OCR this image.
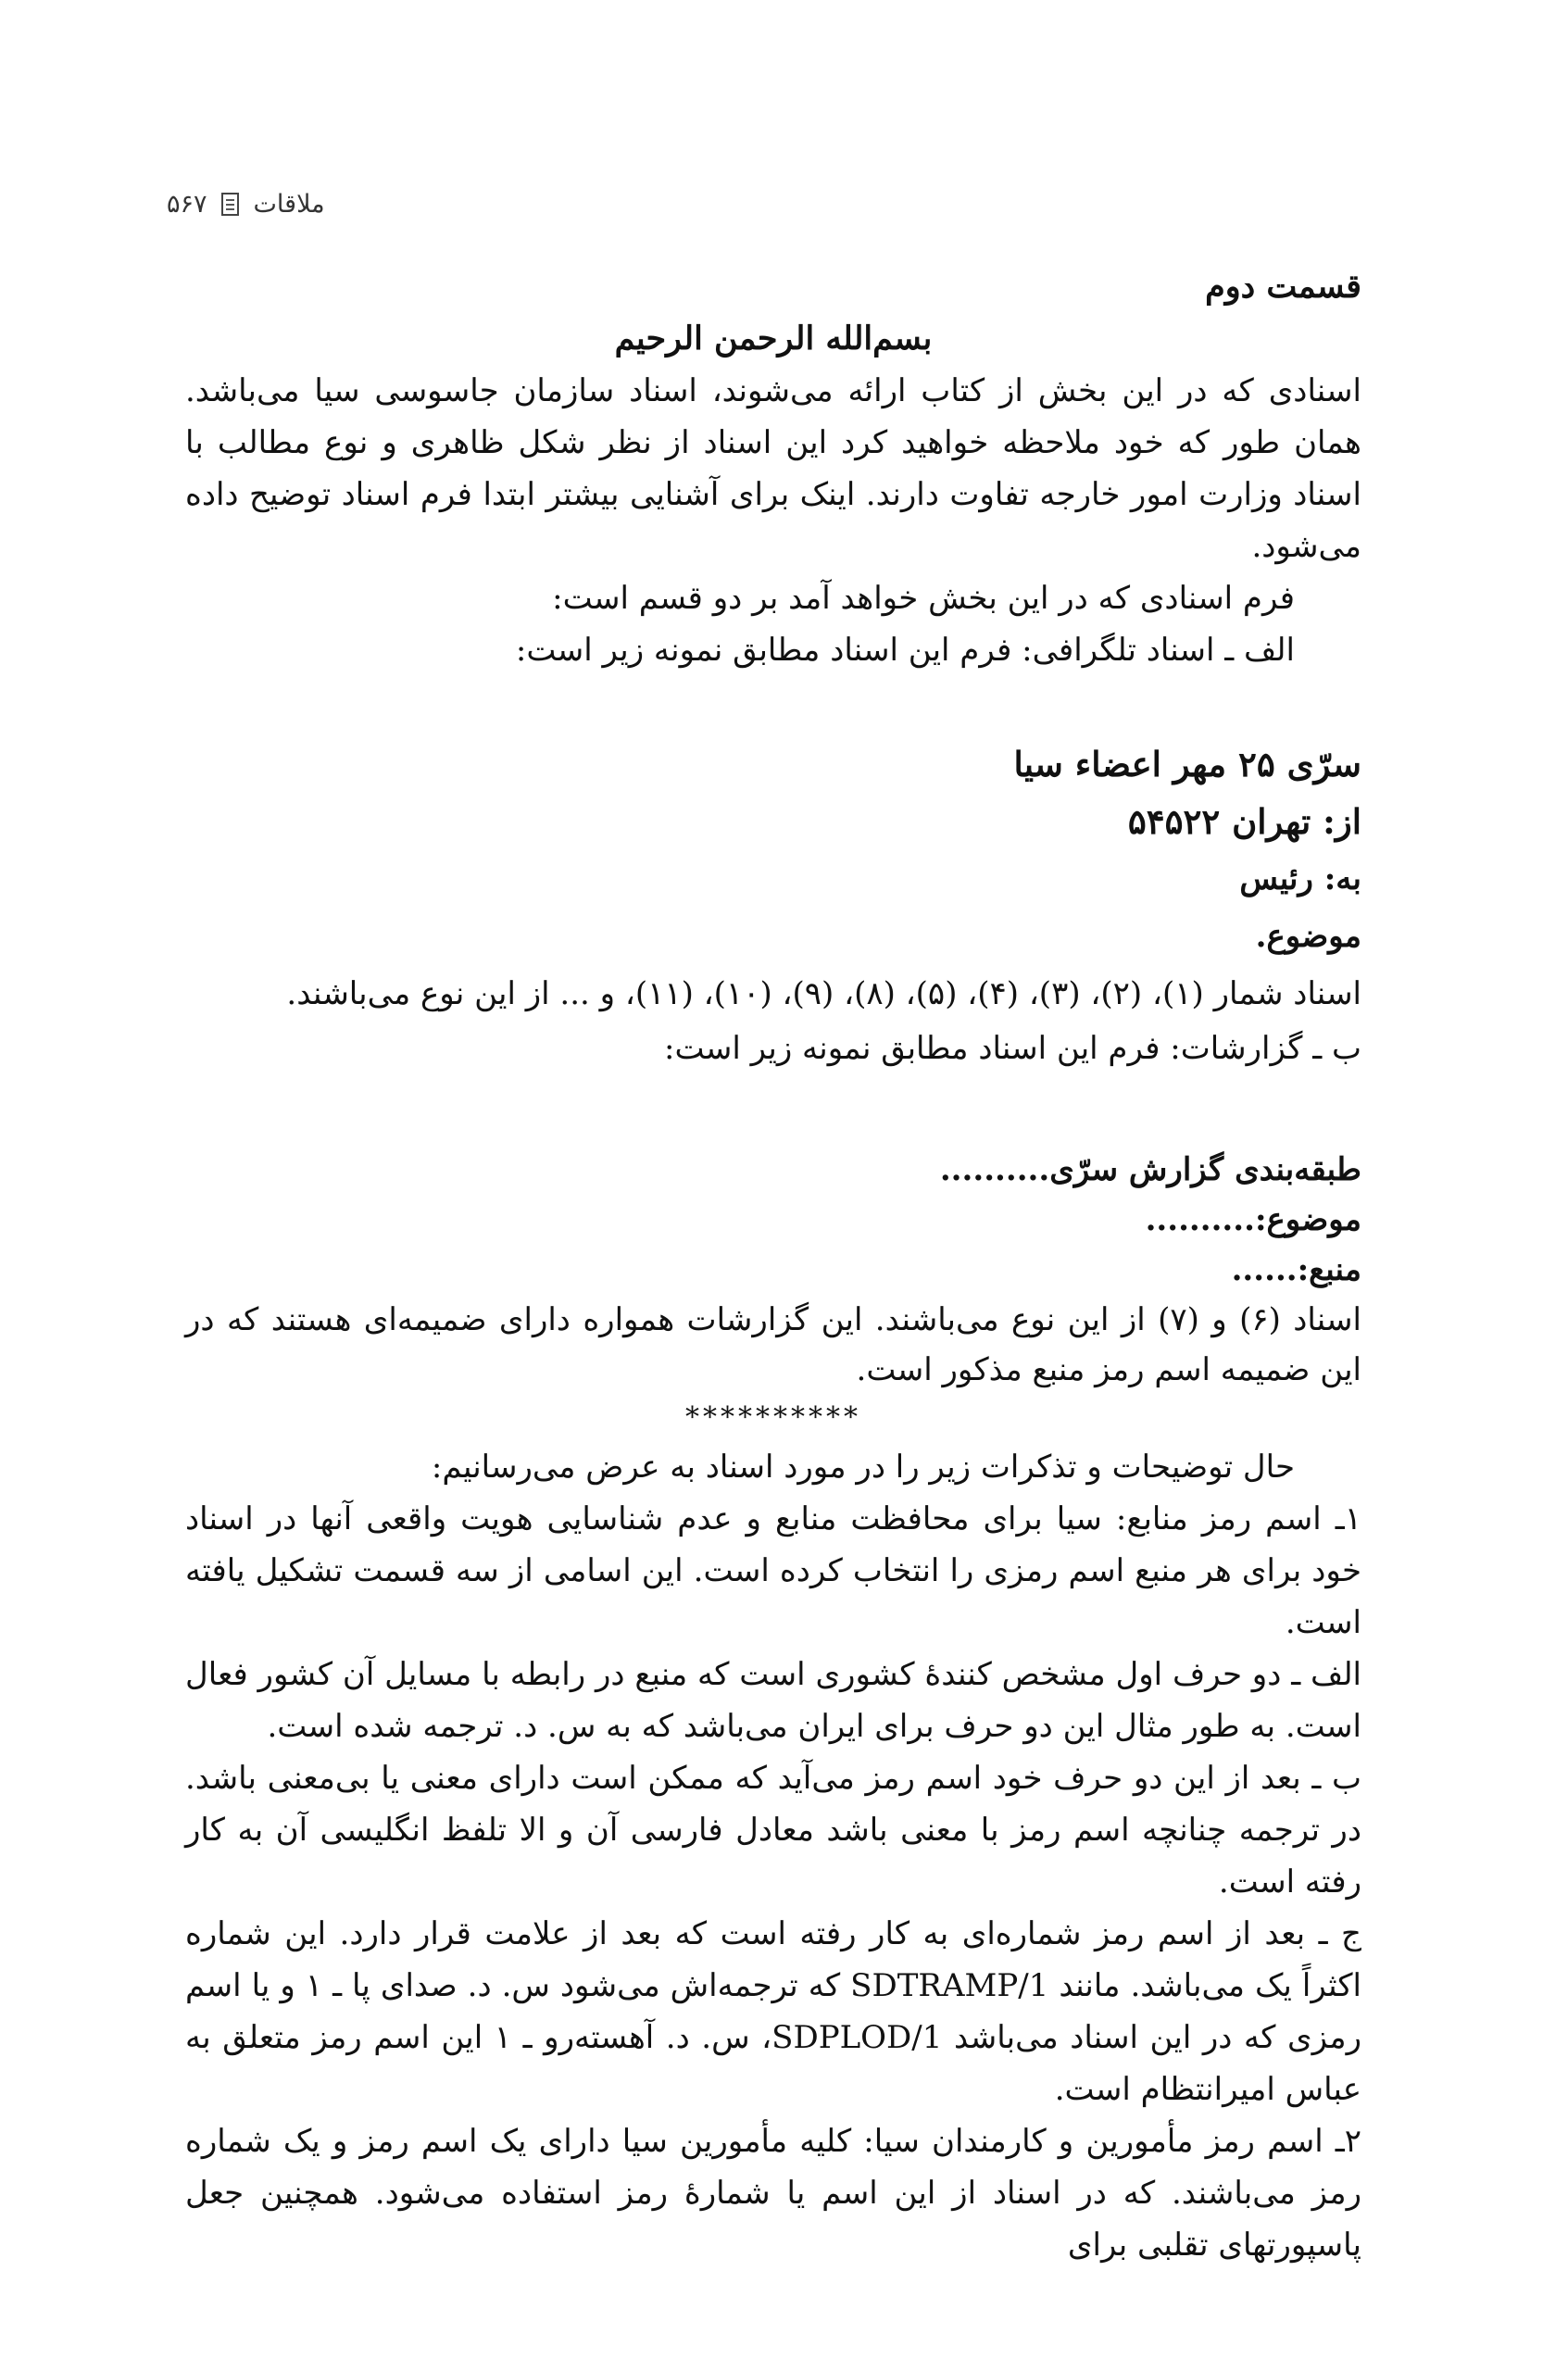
ملاقات
۵۶۷

قسمت دوم

بسم‌الله الرحمن الرحیم

اسنادی که در این بخش از کتاب ارائه می‌شوند، اسناد سازمان جاسوسی سیا می‌باشد. همان طور که خود ملاحظه خواهید کرد این اسناد از نظر شکل ظاهری و نوع مطالب با اسناد وزارت امور خارجه تفاوت دارند. اینک برای آشنایی بیشتر ابتدا فرم اسناد توضیح داده می‌شود.

فرم اسنادی که در این بخش خواهد آمد بر دو قسم است:

الف ـ اسناد تلگرافی: فرم این اسناد مطابق نمونه زیر است:

سرّی ۲۵ مهر اعضاء سیا

از: تهران ۵۴۵۲۲

به: رئیس

موضوع.

اسناد شمار (۱)، (۲)، (۳)، (۴)، (۵)، (۸)، (۹)، (۱۰)، (۱۱)، و ... از این نوع می‌باشند.

ب ـ گزارشات: فرم این اسناد مطابق نمونه زیر است:

طبقه‌بندی گزارش سرّی..........

موضوع:..........

منبع:......

اسناد (۶) و (۷) از این نوع می‌باشند. این گزارشات همواره دارای ضمیمه‌ای هستند که در این ضمیمه اسم رمز منبع مذکور است.

**********

حال توضیحات و تذکرات زیر را در مورد اسناد به عرض می‌رسانیم:

۱ـ اسم رمز منابع: سیا برای محافظت منابع و عدم شناسایی هویت واقعی آنها در اسناد خود برای هر منبع اسم رمزی را انتخاب کرده است. این اسامی از سه قسمت تشکیل یافته است.

الف ـ دو حرف اول مشخص کنندۀ کشوری است که منبع در رابطه با مسایل آن کشور فعال است. به طور مثال این دو حرف برای ایران می‌باشد که به س. د. ترجمه شده است.

ب ـ بعد از این دو حرف خود اسم رمز می‌آید که ممکن است دارای معنی یا بی‌معنی باشد. در ترجمه چنانچه اسم رمز با معنی باشد معادل فارسی آن و الا تلفظ انگلیسی آن به کار رفته است.

ج ـ بعد از اسم رمز شماره‌ای به کار رفته است که بعد از علامت قرار دارد. این شماره اکثراً یک می‌باشد. مانند SDTRAMP/1 که ترجمه‌اش می‌شود س. د. صدای پا ـ ۱ و یا اسم رمزی که در این اسناد می‌باشد SDPLOD/1، س. د. آهسته‌رو ـ ۱ این اسم رمز متعلق به عباس امیرانتظام است.

۲ـ اسم رمز مأمورین و کارمندان سیا: کلیه مأمورین سیا دارای یک اسم رمز و یک شماره رمز می‌باشند. که در اسناد از این اسم یا شمارۀ رمز استفاده می‌شود. همچنین جعل پاسپورتهای تقلبی برای
